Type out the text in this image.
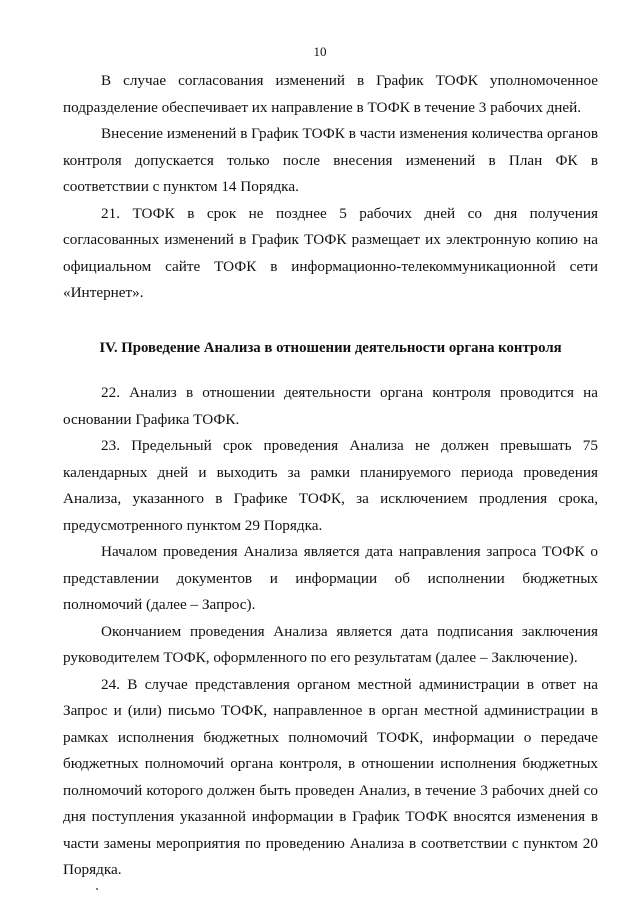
10

В случае согласования изменений в График ТОФК уполномоченное подразделение обеспечивает их направление в ТОФК в течение 3 рабочих дней.

Внесение изменений в График ТОФК в части изменения количества органов контроля допускается только после внесения изменений в План ФК в соответствии с пунктом 14 Порядка.

21. ТОФК в срок не позднее 5 рабочих дней со дня получения согласованных изменений в График ТОФК размещает их электронную копию на официальном сайте ТОФК в информационно-телекоммуникационной сети «Интернет».

IV. Проведение Анализа в отношении деятельности органа контроля

22. Анализ в отношении деятельности органа контроля проводится на основании Графика ТОФК.

23. Предельный срок проведения Анализа не должен превышать 75 календарных дней и выходить за рамки планируемого периода проведения Анализа, указанного в Графике ТОФК, за исключением продления срока, предусмотренного пунктом 29 Порядка.

Началом проведения Анализа является дата направления запроса ТОФК о представлении документов и информации об исполнении бюджетных полномочий (далее – Запрос).

Окончанием проведения Анализа является дата подписания заключения руководителем ТОФК, оформленного по его результатам (далее – Заключение).

24. В случае представления органом местной администрации в ответ на Запрос и (или) письмо ТОФК, направленное в орган местной администрации в рамках исполнения бюджетных полномочий ТОФК, информации о передаче бюджетных полномочий органа контроля, в отношении исполнения бюджетных полномочий которого должен быть проведен Анализ, в течение 3 рабочих дней со дня поступления указанной информации в График ТОФК вносятся изменения в части замены мероприятия по проведению Анализа в соответствии с пунктом 20 Порядка.
